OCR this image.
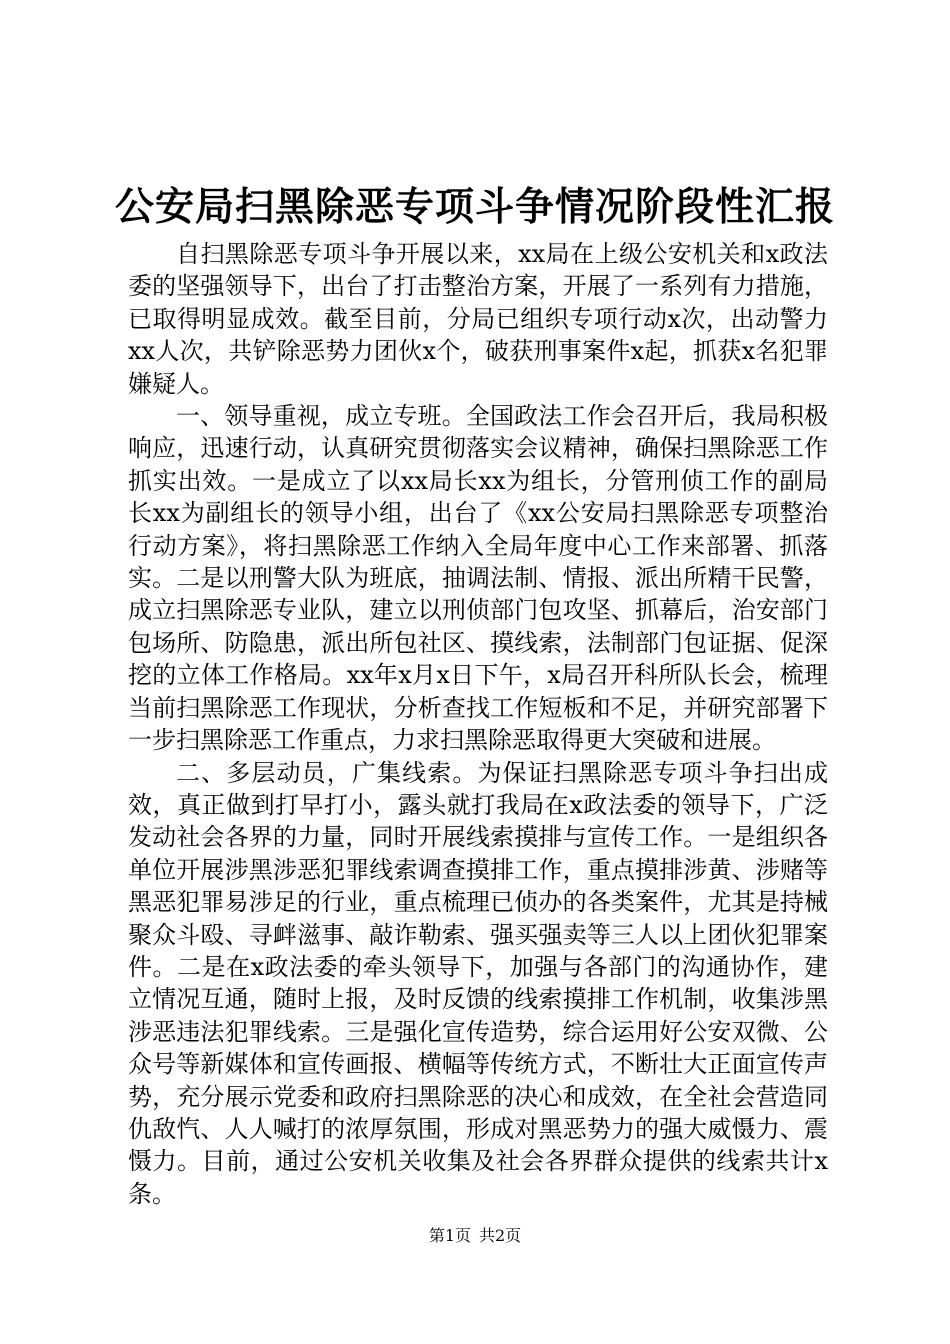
公安局扫黑除恶专项斗争情况阶段性汇报

自扫黑除恶专项斗争开展以来，xx局在上级公安机关和x政法委的坚强领导下，出台了打击整治方案，开展了一系列有力措施，已取得明显成效。截至目前，分局已组织专项行动x次，出动警力xx人次，共铲除恶势力团伙x个，破获刑事案件x起，抓获x名犯罪嫌疑人。

一、领导重视，成立专班。全国政法工作会召开后，我局积极响应，迅速行动，认真研究贯彻落实会议精神，确保扫黑除恶工作抓实出效。一是成立了以xx局长xx为组长，分管刑侦工作的副局长xx为副组长的领导小组，出台了《xx公安局扫黑除恶专项整治行动方案》，将扫黑除恶工作纳入全局年度中心工作来部署、抓落实。二是以刑警大队为班底，抽调法制、情报、派出所精干民警，成立扫黑除恶专业队，建立以刑侦部门包攻坚、抓幕后，治安部门包场所、防隐患，派出所包社区、摸线索，法制部门包证据、促深挖的立体工作格局。xx年x月x日下午，x局召开科所队长会，梳理当前扫黑除恶工作现状，分析查找工作短板和不足，并研究部署下一步扫黑除恶工作重点，力求扫黑除恶取得更大突破和进展。

二、多层动员，广集线索。为保证扫黑除恶专项斗争扫出成效，真正做到打早打小，露头就打我局在x政法委的领导下，广泛发动社会各界的力量，同时开展线索摸排与宣传工作。一是组织各单位开展涉黑涉恶犯罪线索调查摸排工作，重点摸排涉黄、涉赌等黑恶犯罪易涉足的行业，重点梳理已侦办的各类案件，尤其是持械聚众斗殴、寻衅滋事、敲诈勒索、强买强卖等三人以上团伙犯罪案件。二是在x政法委的牵头领导下，加强与各部门的沟通协作，建立情况互通，随时上报，及时反馈的线索摸排工作机制，收集涉黑涉恶违法犯罪线索。三是强化宣传造势，综合运用好公安双微、公众号等新媒体和宣传画报、横幅等传统方式，不断壮大正面宣传声势，充分展示党委和政府扫黑除恶的决心和成效，在全社会营造同仇敌忾、人人喊打的浓厚氛围，形成对黑恶势力的强大威慑力、震慑力。目前，通过公安机关收集及社会各界群众提供的线索共计x条。

第1页 共2页
